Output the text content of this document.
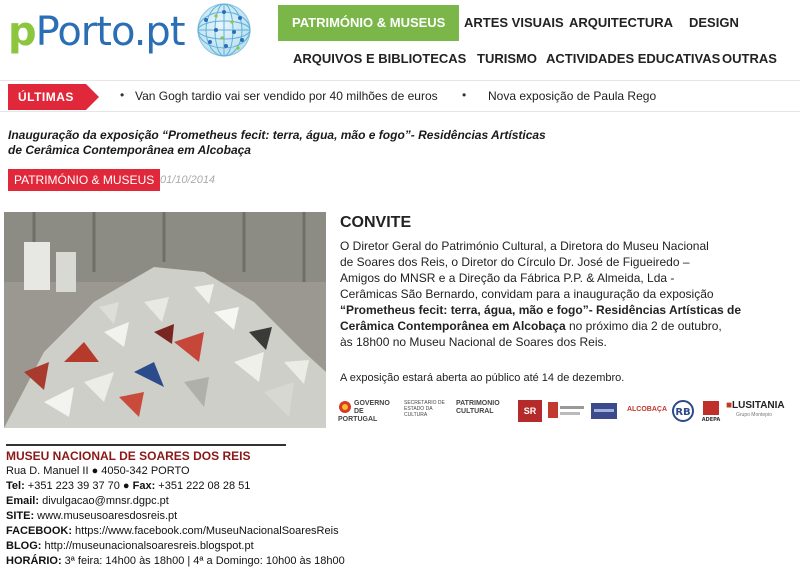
pPorto.pt	PATRIMÓNIO & MUSEUS	ARTES VISUAIS ARQUITECTURA DESIGN
ARQUIVOS E BIBLIOTECAS TURISMO ACTIVIDADES EDUCATIVAS OUTRAS
ÚLTIMAS	• Van Gogh tardio vai ser vendido por 40 milhões de euros • Nova exposição de Paula Rego
Inauguração da exposição “Prometheus fecit: terra, água, mão e fogo”- Residências Artísticas
de Cerâmica Contemporânea em Alcobaça
PATRIMÓNIO & MUSEUS 01/10/2014
CONVITE
O Diretor Geral do Património Cultural, a Diretora do Museu Nacional
de Soares dos Reis, o Diretor do Círculo Dr. José de Figueiredo –
Amigos do MNSR e a Direção da Fábrica P.P. & Almeida, Lda -
Cerâmicas São Bernardo, convidam para a inauguração da exposição
“Prometheus fecit: terra, água, mão e fogo”- Residências Artísticas de
Cerâmica Contemporânea em Alcobaça no próximo dia 2 de outubro,
às 18h00 no Museu Nacional de Soares dos Reis.
A exposição estará aberta ao público até 14 de dezembro.
GOVERNO DE PORTUGAL
SECRETÁRIO DE ESTADO DA CULTURA
PATRIMÓNIO CULTURAL	SR	ALCOBAÇA RB
ADEPA
■LUSITANIA
Grupo Montepio
MUSEU NACIONAL DE SOARES DOS REIS
Rua D. Manuel II ● 4050-342 PORTO
Tel: +351 223 39 37 70 ● Fax: +351 222 08 28 51
Email: divulgacao@mnsr.dgpc.pt
SITE: www.museusoaresdosreis.pt
FACEBOOK: https://www.facebook.com/MuseuNacionalSoaresReis
BLOG: http://museunacionalsoaresreis.blogspot.pt
HORÁRIO: 3ª feira: 14h00 às 18h00 | 4ª a Domingo: 10h00 às 18h00
